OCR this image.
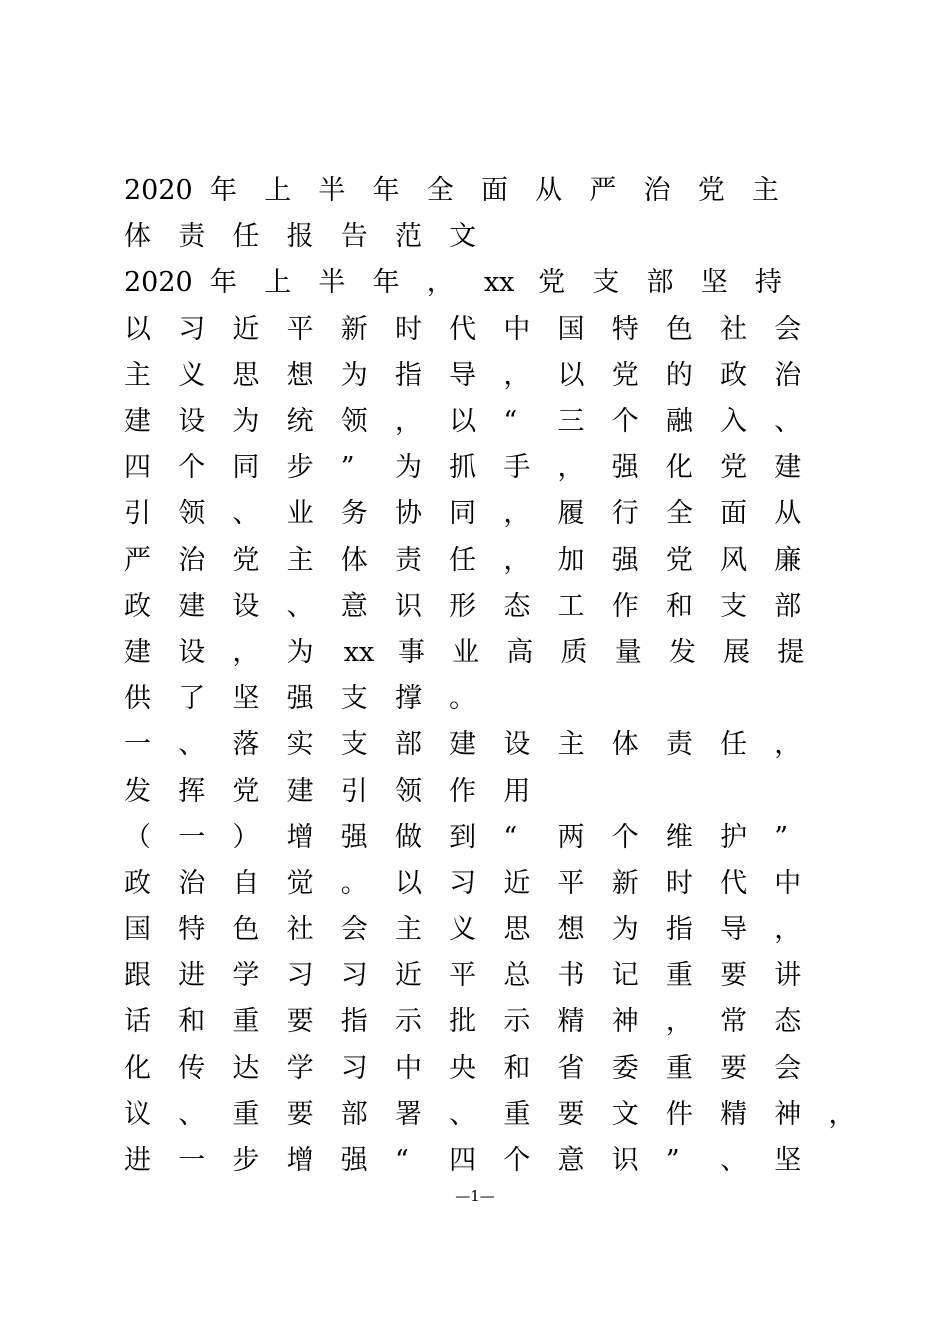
2020 年	上	半	年	全	面	从	严	治	党	主
体	责	任	报	告	范	文
2020 年	上	半	年	，	xx 党	支	部	坚	持
以	习	近	平	新	时	代	中	国	特	色	社	会
主	义	思	想	为	指	导	，	以	党	的	政	治
建	设	为	统	领	，	以	“	三	个	融	入	、
四	个	同	步	”	为	抓	手	，	强	化	党	建
引	领	、	业	务	协	同	，	履	行	全	面	从
严	治	党	主	体	责	任	，	加	强	党	风	廉
政	建	设	、	意	识	形	态	工	作	和	支	部
建	设	，	为	xx 事	业	高	质	量	发	展	提
供	了	坚	强	支	撑	。
一	、	落	实	支	部	建	设	主	体	责	任	，
发	挥	党	建	引	领	作	用
（	一	）	增	强	做	到	“	两	个	维	护	”
政	治	自	觉	。	以	习	近	平	新	时	代	中
国	特	色	社	会	主	义	思	想	为	指	导	，
跟	进	学	习	习	近	平	总	书	记	重	要	讲
话	和	重	要	指	示	批	示	精	神	，	常	态
化	传	达	学	习	中	央	和	省	委	重	要	会
议	、	重	要	部	署	、	重	要	文	件	精	神	，
进	一	步	增	强	“	四	个	意	识	”	、	坚
—1—
